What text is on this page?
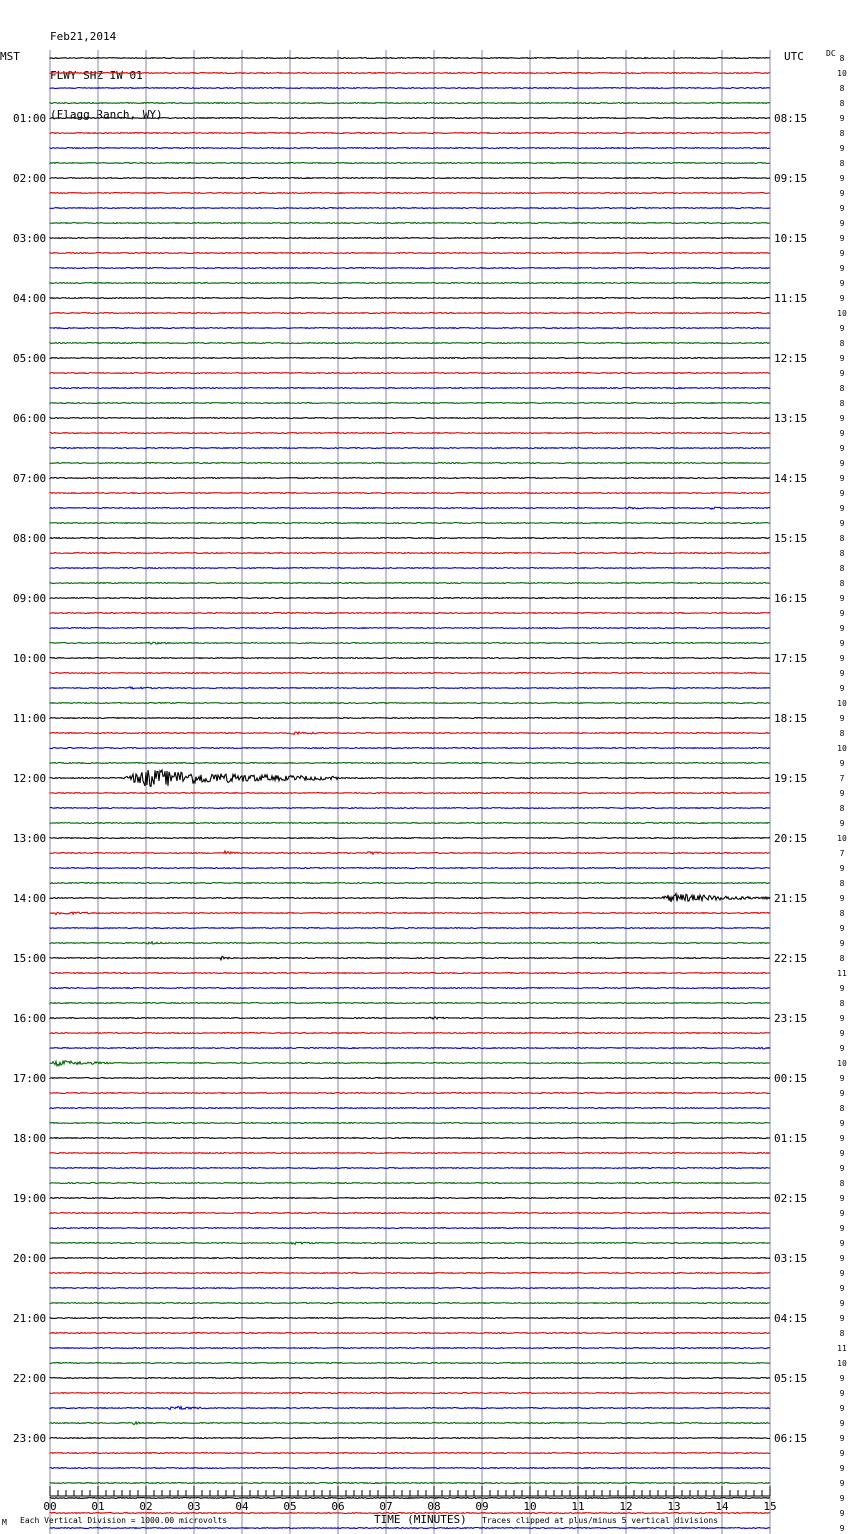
Feb21,2014

FLWY SHZ IW 01

(Flagg Ranch, WY)

01:00
02:00
03:00
04:00
05:00
06:00
07:00
08:00
09:00
10:00
11:00
12:00
13:00
14:00
15:00
16:00
17:00
18:00
19:00
20:00
21:00
22:00
23:00
08:15
09:15
10:15
11:15
12:15
13:15
14:15
15:15
16:15
17:15
18:15
19:15
20:15
21:15
22:15
23:15
00:15
01:15
02:15
03:15
04:15
05:15
06:15
8
10
8
8
9
8
9
8
9
9
9
9
9
9
9
9
9
10
9
8
9
9
8
8
9
9
9
9
9
9
9
9
8
8
8
8
9
9
9
9
9
9
9
10
9
8
10
9
7
9
8
9
10
7
9
8
9
8
9
9
8
11
9
8
9
9
9
10
9
9
8
9
9
9
9
8
9
9
9
9
9
9
9
9
9
8
11
10
9
9
9
9
9
9
9
9
9
9
9
00	01	02	03	04	05	06	07	08	09	10	11	12	13	14	15
MST	UTC	DC
M Each Vertical Division = 1000.00 microvolts	TIME (MINUTES) Traces clipped at plus/minus 5 vertical divisions
